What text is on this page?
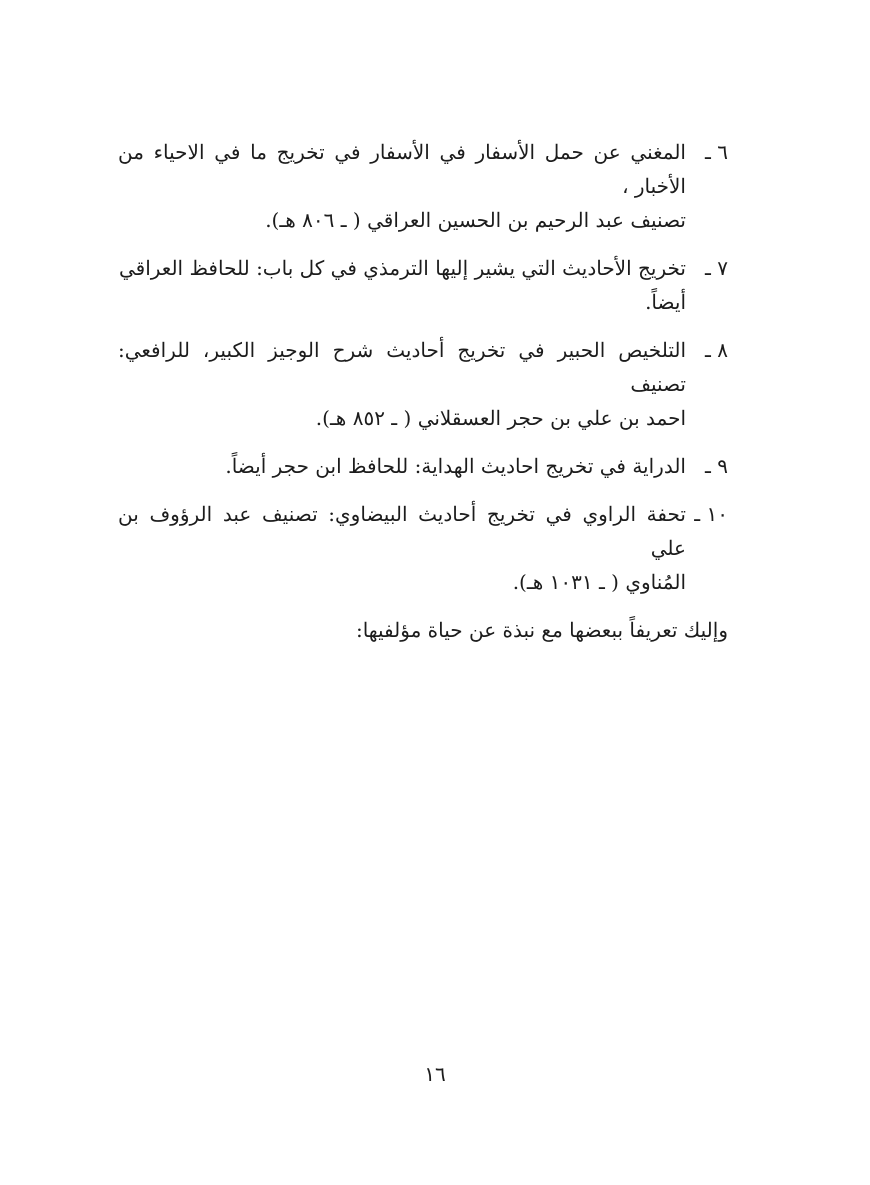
٦ ـ
المغني عن حمل الأسفار في الأسفار في تخريج ما في الاحياء من الأخبار ،
تصنيف عبد الرحيم بن الحسين العراقي ( ـ ٨٠٦ هـ).

٧ ـ
تخريج الأحاديث التي يشير إليها الترمذي في كل باب: للحافظ العراقي
أيضاً.

٨ ـ
التلخيص الحبير في تخريج أحاديث شرح الوجيز الكبير، للرافعي: تصنيف
احمد بن علي بن حجر العسقلاني ( ـ ٨٥٢ هـ).

٩ ـ
الدراية في تخريج احاديث الهداية: للحافظ ابن حجر أيضاً.

١٠ ـ
تحفة الراوي في تخريج أحاديث البيضاوي: تصنيف عبد الرؤوف بن علي
المُناوي ( ـ ١٠٣١ هـ).

وإليك تعريفاً ببعضها مع نبذة عن حياة مؤلفيها:

١٦
